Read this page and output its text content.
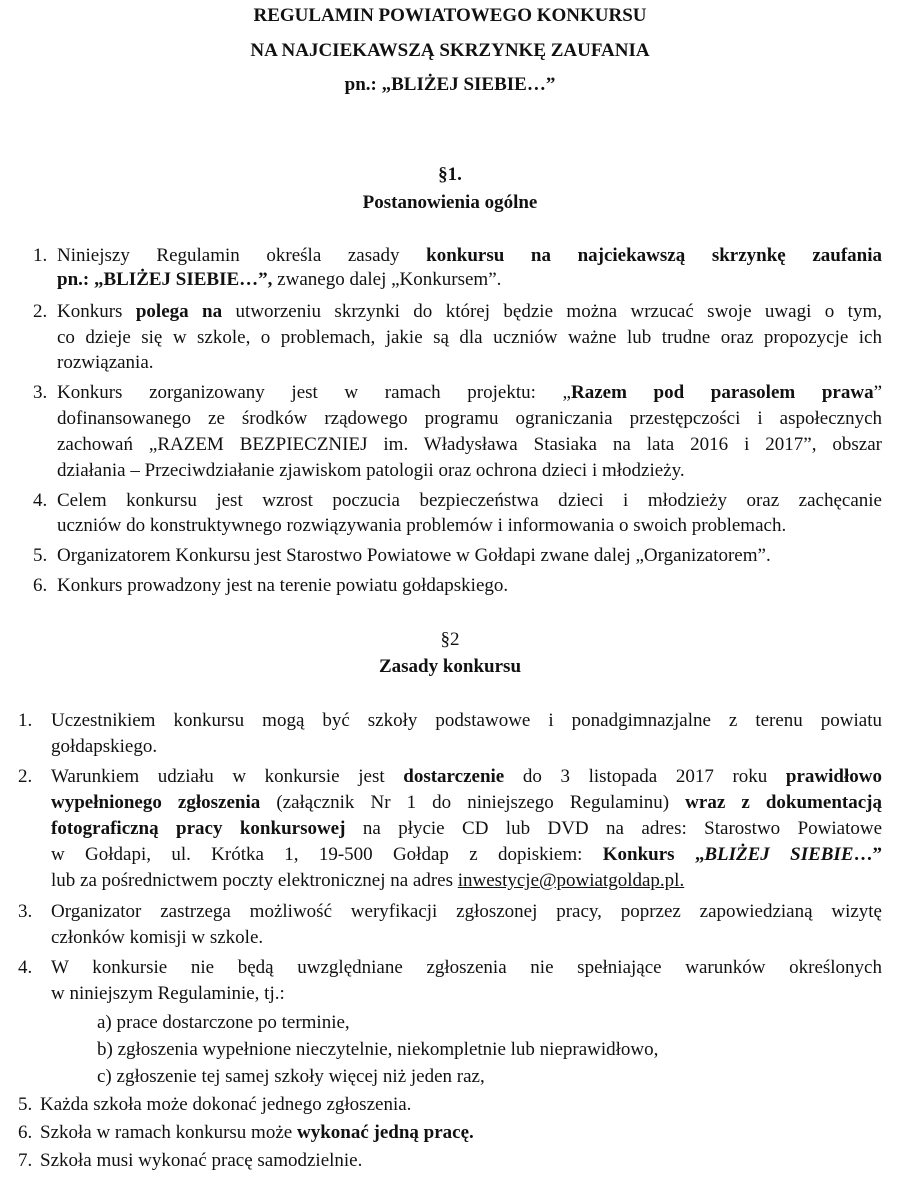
REGULAMIN POWIATOWEGO KONKURSU
NA NAJCIEKAWSZĄ SKRZYNKĘ ZAUFANIA
pn.: „BLIŻEJ SIEBIE…”
§1.
Postanowienia ogólne
1. Niniejszy Regulamin określa zasady konkursu na najciekawszą skrzynkę zaufania
pn.: „BLIŻEJ SIEBIE…”, zwanego dalej „Konkursem”.
2. Konkurs polega na utworzeniu skrzynki do której będzie można wrzucać swoje uwagi o tym,
co dzieje się w szkole, o problemach, jakie są dla uczniów ważne lub trudne oraz propozycje ich
rozwiązania.
3. Konkurs zorganizowany jest w ramach projektu: „Razem pod parasolem prawa”
dofinansowanego ze środków rządowego programu ograniczania przestępczości i aspołecznych
zachowań „RAZEM BEZPIECZNIEJ im. Władysława Stasiaka na lata 2016 i 2017”, obszar
działania – Przeciwdziałanie zjawiskom patologii oraz ochrona dzieci i młodzieży.
4. Celem konkursu jest wzrost poczucia bezpieczeństwa dzieci i młodzieży oraz zachęcanie
uczniów do konstruktywnego rozwiązywania problemów i informowania o swoich problemach.
5. Organizatorem Konkursu jest Starostwo Powiatowe w Gołdapi zwane dalej „Organizatorem”.
6. Konkurs prowadzony jest na terenie powiatu gołdapskiego.
§2
Zasady konkursu
1. Uczestnikiem konkursu mogą być szkoły podstawowe i ponadgimnazjalne z terenu powiatu
gołdapskiego.
2. Warunkiem udziału w konkursie jest dostarczenie do 3 listopada 2017 roku prawidłowo
wypełnionego zgłoszenia (załącznik Nr 1 do niniejszego Regulaminu) wraz z dokumentacją
fotograficzną pracy konkursowej na płycie CD lub DVD na adres: Starostwo Powiatowe
w Gołdapi, ul. Krótka 1, 19-500 Gołdap z dopiskiem: Konkurs „BLIŻEJ SIEBIE…”
lub za pośrednictwem poczty elektronicznej na adres inwestycje@powiatgoldap.pl.
3. Organizator zastrzega możliwość weryfikacji zgłoszonej pracy, poprzez zapowiedzianą wizytę
członków komisji w szkole.
4. W konkursie nie będą uwzględniane zgłoszenia nie spełniające warunków określonych
w niniejszym Regulaminie, tj.:
a) prace dostarczone po terminie,
b) zgłoszenia wypełnione nieczytelnie, niekompletnie lub nieprawidłowo,
c) zgłoszenie tej samej szkoły więcej niż jeden raz,
5. Każda szkoła może dokonać jednego zgłoszenia.
6. Szkoła w ramach konkursu może wykonać jedną pracę.
7. Szkoła musi wykonać pracę samodzielnie.
